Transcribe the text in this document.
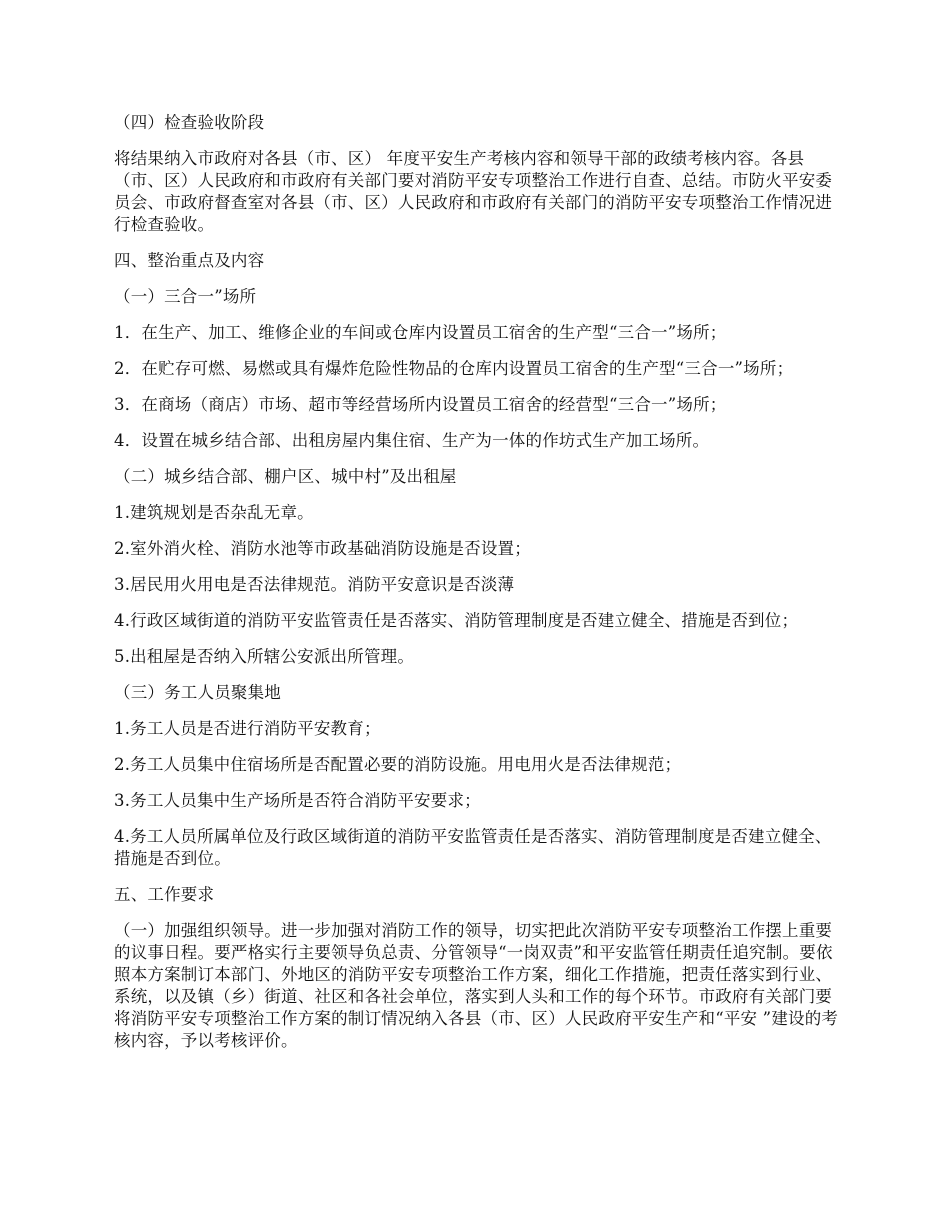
（四）检查验收阶段

将结果纳入市政府对各县（市、区） 年度平安生产考核内容和领导干部的政绩考核内容。各县（市、区）人民政府和市政府有关部门要对消防平安专项整治工作进行自查、总结。市防火平安委员会、市政府督查室对各县（市、区）人民政府和市政府有关部门的消防平安专项整治工作情况进行检查验收。

四、整治重点及内容

（一）三合一”场所

1．在生产、加工、维修企业的车间或仓库内设置员工宿舍的生产型“三合一”场所；

2．在贮存可燃、易燃或具有爆炸危险性物品的仓库内设置员工宿舍的生产型“三合一”场所；

3．在商场（商店）市场、超市等经营场所内设置员工宿舍的经营型“三合一”场所；

4．设置在城乡结合部、出租房屋内集住宿、生产为一体的作坊式生产加工场所。

（二）城乡结合部、棚户区、城中村”及出租屋

1.建筑规划是否杂乱无章。

2.室外消火栓、消防水池等市政基础消防设施是否设置；

3.居民用火用电是否法律规范。消防平安意识是否淡薄

4.行政区域街道的消防平安监管责任是否落实、消防管理制度是否建立健全、措施是否到位；

5.出租屋是否纳入所辖公安派出所管理。

（三）务工人员聚集地

1.务工人员是否进行消防平安教育；

2.务工人员集中住宿场所是否配置必要的消防设施。用电用火是否法律规范；

3.务工人员集中生产场所是否符合消防平安要求；

4.务工人员所属单位及行政区域街道的消防平安监管责任是否落实、消防管理制度是否建立健全、措施是否到位。

五、工作要求

（一）加强组织领导。进一步加强对消防工作的领导，切实把此次消防平安专项整治工作摆上重要的议事日程。要严格实行主要领导负总责、分管领导“一岗双责”和平安监管任期责任追究制。要依照本方案制订本部门、外地区的消防平安专项整治工作方案，细化工作措施，把责任落实到行业、系统，以及镇（乡）街道、社区和各社会单位，落实到人头和工作的每个环节。市政府有关部门要将消防平安专项整治工作方案的制订情况纳入各县（市、区）人民政府平安生产和“平安 ”建设的考核内容，予以考核评价。
